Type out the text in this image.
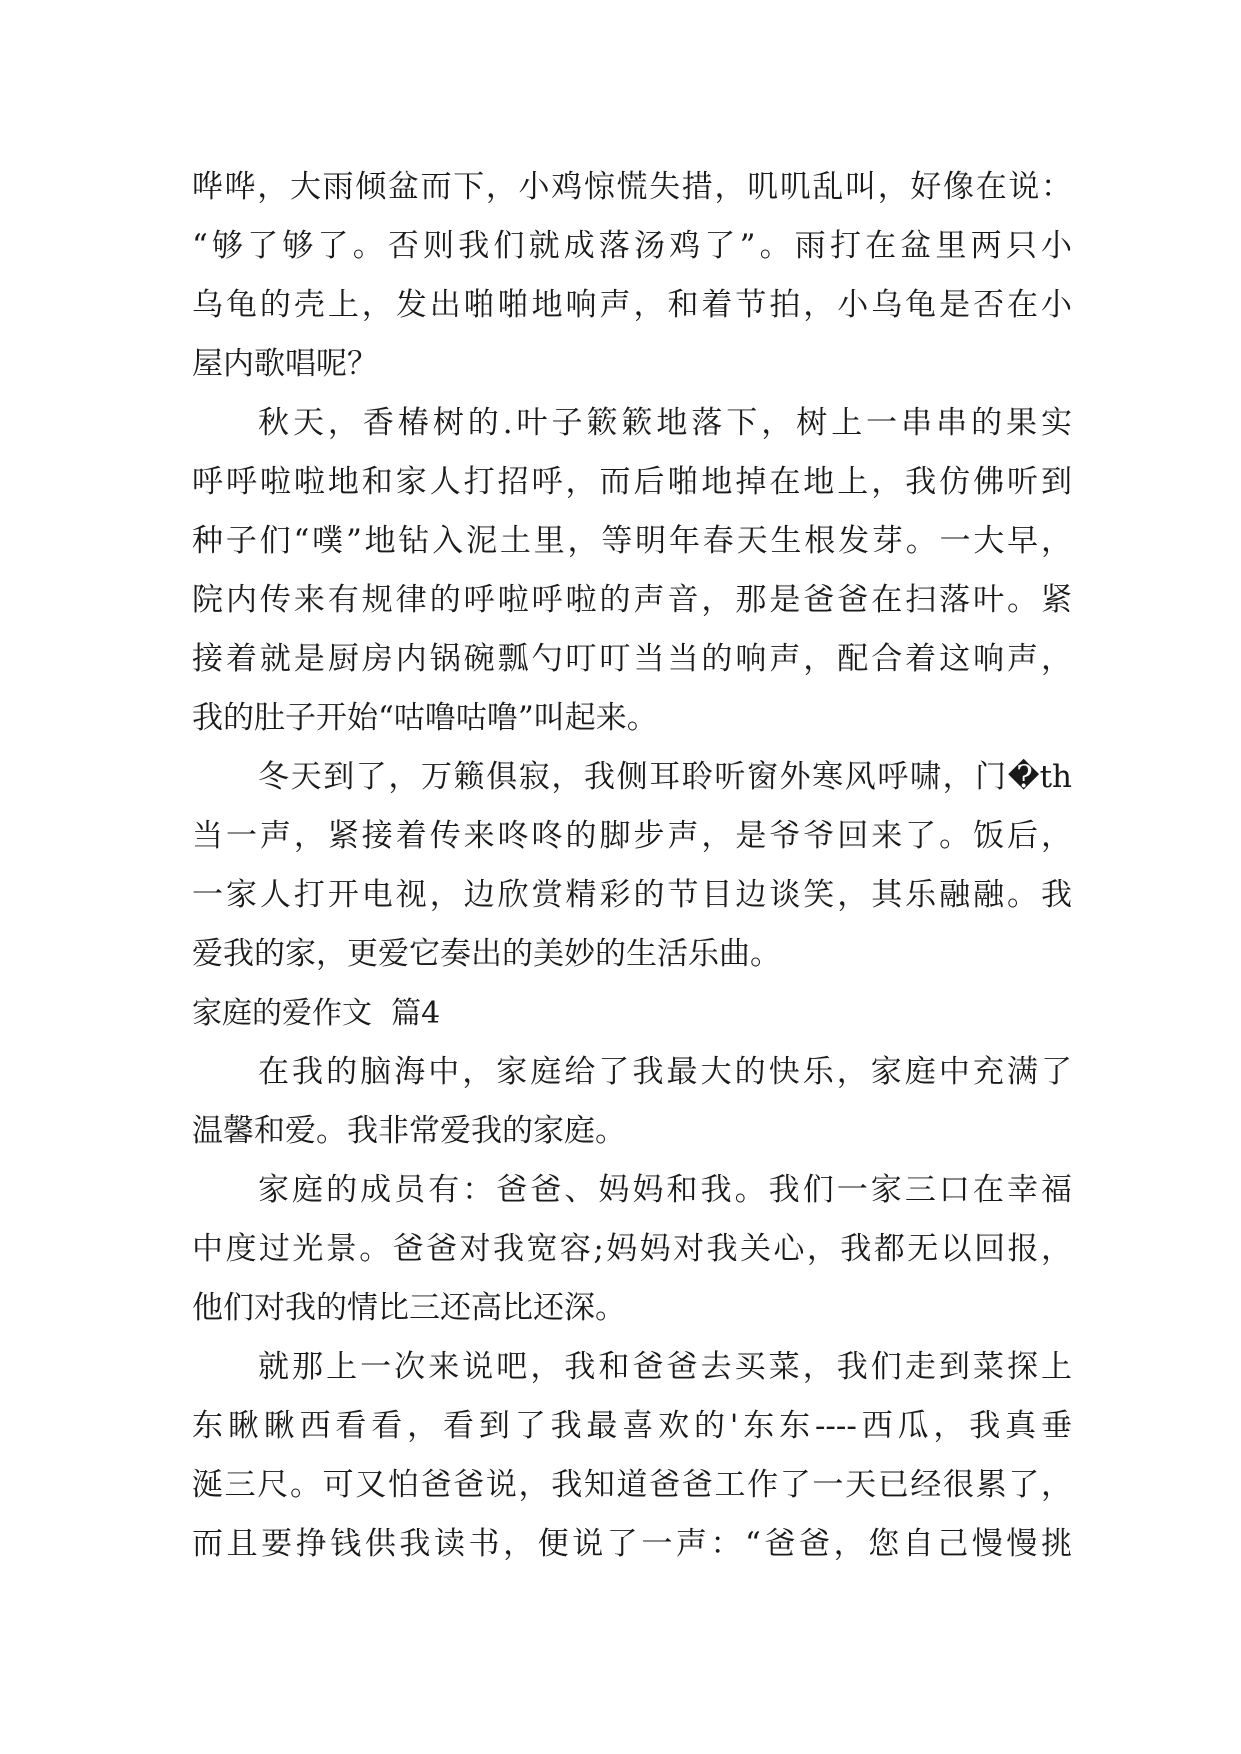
哗哗，大雨倾盆而下，小鸡惊慌失措，叽叽乱叫，好像在说：
“够了够了。否则我们就成落汤鸡了”。雨打在盆里两只小
乌龟的壳上，发出啪啪地响声，和着节拍，小乌龟是否在小
屋内歌唱呢？
秋天，香椿树的.叶子簌簌地落下，树上一串串的果实
呼呼啦啦地和家人打招呼，而后啪地掉在地上，我仿佛听到
种子们“噗”地钻入泥土里，等明年春天生根发芽。一大早，
院内传来有规律的呼啦呼啦的声音，那是爸爸在扫落叶。紧
接着就是厨房内锅碗瓢勺叮叮当当的响声，配合着这响声，
我的肚子开始“咕噜咕噜”叫起来。
冬天到了，万籁俱寂，我侧耳聆听窗外寒风呼啸，门�th
当一声，紧接着传来咚咚的脚步声，是爷爷回来了。饭后，
一家人打开电视，边欣赏精彩的节目边谈笑，其乐融融。我
爱我的家，更爱它奏出的美妙的生活乐曲。
家庭的爱作文  篇4
在我的脑海中，家庭给了我最大的快乐，家庭中充满了
温馨和爱。我非常爱我的家庭。
家庭的成员有：爸爸、妈妈和我。我们一家三口在幸福
中度过光景。爸爸对我宽容;妈妈对我关心，我都无以回报，
他们对我的情比三还高比还深。
就那上一次来说吧，我和爸爸去买菜，我们走到菜探上
东瞅瞅西看看，看到了我最喜欢的'东东----西瓜，我真垂
涎三尺。可又怕爸爸说，我知道爸爸工作了一天已经很累了，
而且要挣钱供我读书，便说了一声：“爸爸，您自己慢慢挑
